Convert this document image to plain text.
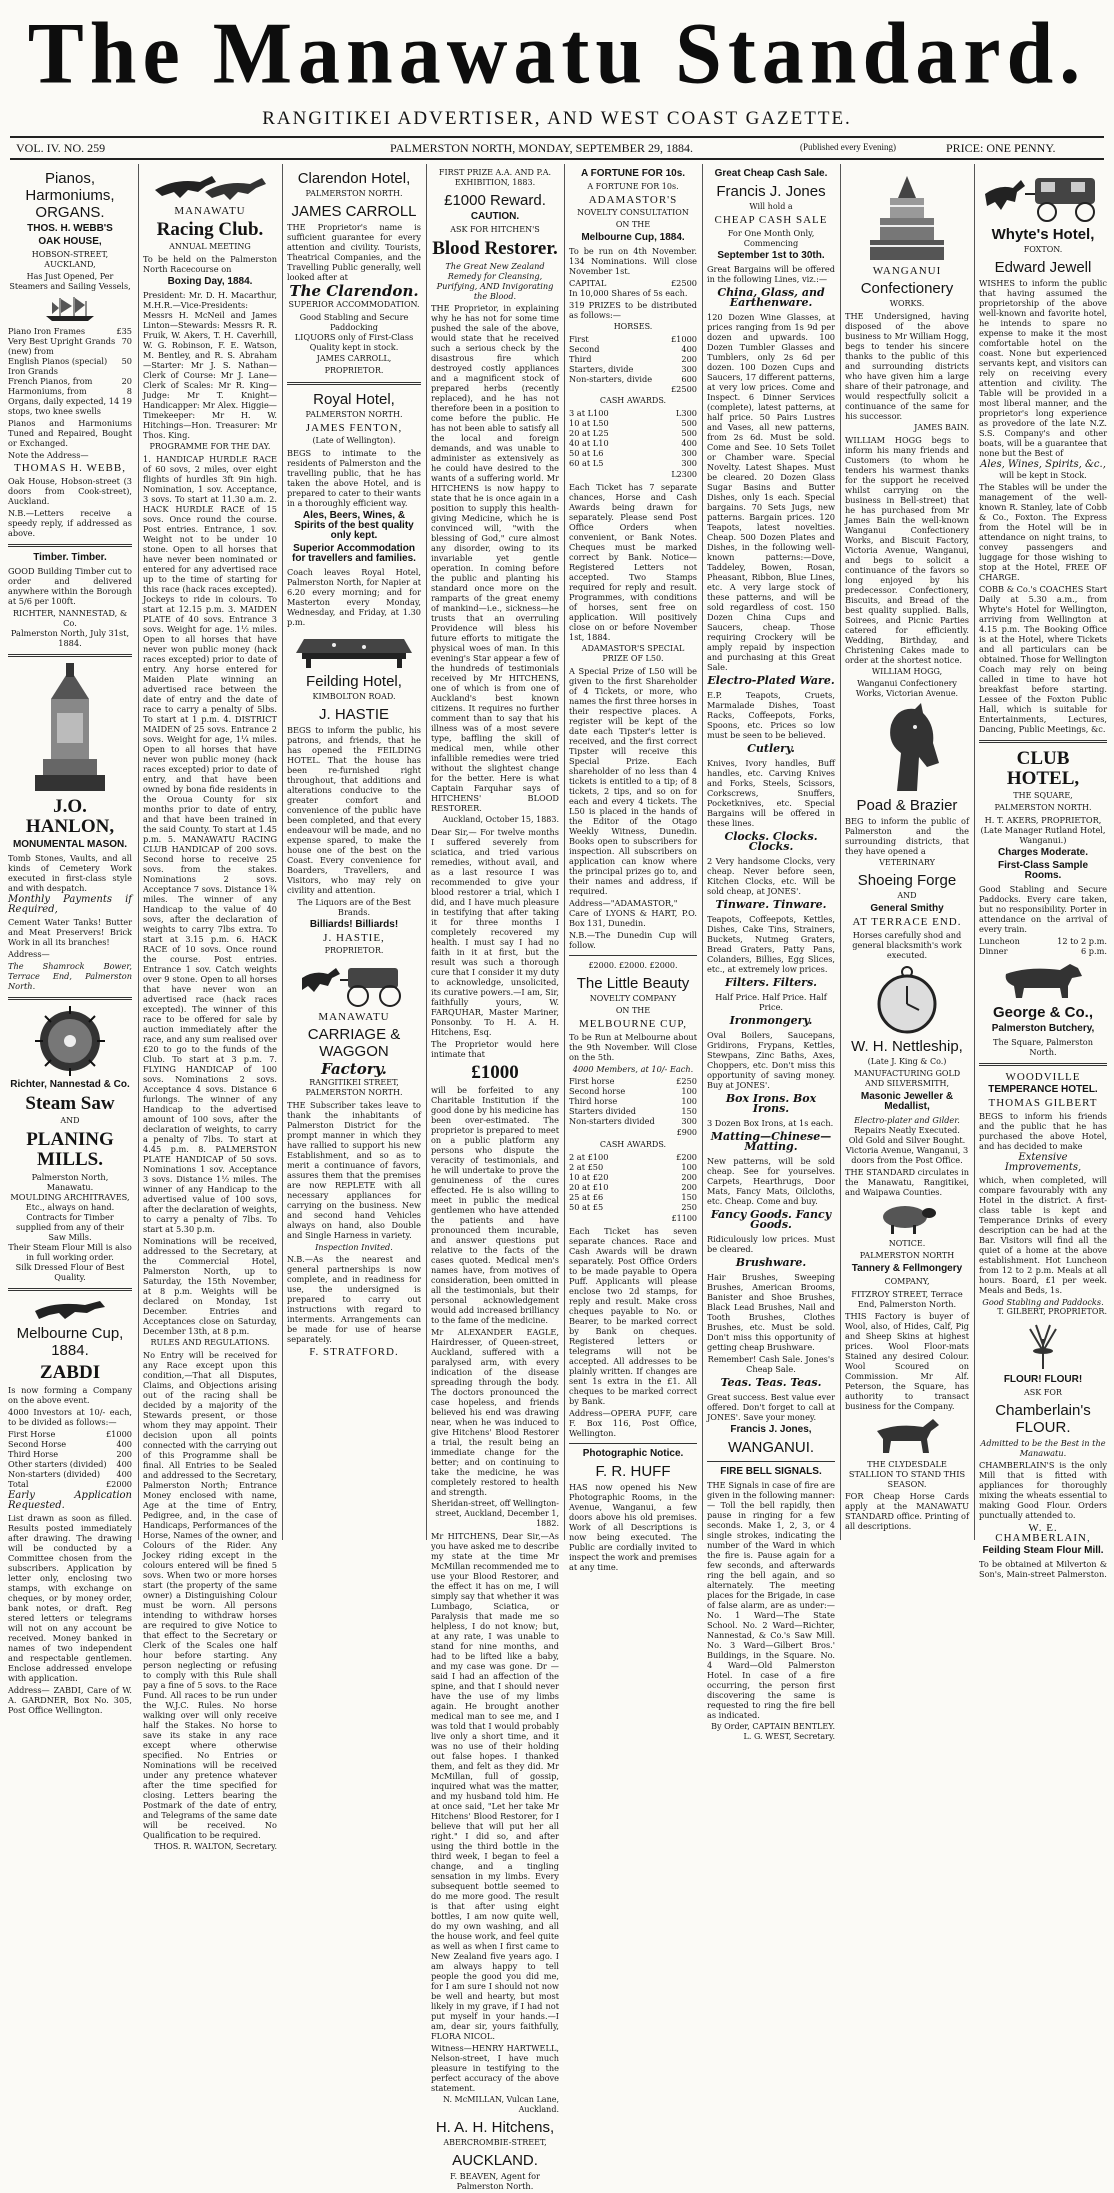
The Manawatu Standard.
RANGITIKEI ADVERTISER, AND WEST COAST GAZETTE.
VOL. IV. NO. 259	PALMERSTON NORTH, MONDAY, SEPTEMBER 29, 1884.	(Published every Evening)	PRICE: ONE PENNY.
Pianos, Harmoniums, ORGANS.
THOS. H. WEBB'S
OAK HOUSE,
HOBSON-STREET, AUCKLAND,
Has Just Opened, Per Steamers and Sailing Vessels,
Piano Iron Frames	£35
Very Best Upright Grands (new) from
70
English Pianos (special) Iron Grands
50
French Pianos, from	20
Harmoniums, from	8
Organs, daily expected, 14 stops, two knee swells
19
Pianos and Harmoniums Tuned and Repaired, Bought or Exchanged.
Note the Address—
THOMAS H. WEBB,
Oak House, Hobson-street (3 doors from Cook-street), Auckland.
N.B.—Letters receive a speedy reply, if addressed as above.
Timber. Timber.
GOOD Building Timber cut to order and delivered anywhere within the Borough at 5/6 per 100ft.
RICHTER, NANNESTAD, & Co.
Palmerston North, July 31st, 1884.
J.O. HANLON,
MONUMENTAL MASON.
Tomb Stones, Vaults, and all kinds of Cemetery Work executed in first-class style and with despatch.
Monthly Payments if Required,
Cement Water Tanks! Butter and Meat Preservers! Brick Work in all its branches!
Address—
The Shamrock Bower, Terrace End, Palmerston North.
Richter, Nannestad & Co.
Steam Saw
AND
PLANING MILLS.
Palmerston North, Manawatu.
MOULDING ARCHITRAVES, Etc., always on hand.
Contracts for Timber supplied from any of their Saw Mills.
Their Steam Flour Mill is also in full working order.
Silk Dressed Flour of Best Quality.
Melbourne Cup, 1884.
ZABDI
Is now forming a Company on the above event.
4000 Investors at 10/- each, to be divided as follows:—
First Horse	£1000
Second Horse	400
Third Horse	200
Other starters (divided) 400
Non-starters (divided) 400
Total	£2000
Early Application Requested.
List drawn as soon as filled. Results posted immediately after drawing. The drawing will be conducted by a Committee chosen from the subscribers. Application by letter only, enclosing two stamps, with exchange on cheques, or by money order, bank notes, or draft. Reg stered letters or telegrams will not on any account be received. Money banked in names of two independent and respectable gentlemen. Enclose addressed envelope with application.
Address— ZABDI, Care of W. A. GARDNER, Box No. 305, Post Office Wellington.
MANAWATU
Racing Club.
ANNUAL MEETING
To be held on the Palmerston North Racecourse on
Boxing Day, 1884.
President: Mr. D. H. Macarthur, M.H.R.—Vice-Presidents: Messrs H. McNeil and James Linton—Stewards: Messrs R. R. Fruik, W. Akers, T. H. Caverhill, W. G. Robinson, F. E. Watson, M. Bentley, and R. S. Abraham—Starter: Mr J. S. Nathan—Clerk of Course: Mr J. Lane—Clerk of Scales: Mr R. King—Judge: Mr T. Knight—Handicapper: Mr Alex. Higgie—Timekeeper: Mr H. W. Hitchings—Hon. Treasurer: Mr Thos. King.
PROGRAMME FOR THE DAY.
1. HANDICAP HURDLE RACE of 60 sovs, 2 miles, over eight flights of hurdles 3ft 9in high. Nomination, 1 sov. Acceptance, 3 sovs. To start at 11.30 a.m. 2. HACK HURDLE RACE of 15 sovs. Once round the course. Post entries. Entrance, 1 sov. Weight not to be under 10 stone. Open to all horses that have never been nominated or entered for any advertised race up to the time of starting for this race (hack races excepted). Jockeys to ride in colours. To start at 12.15 p.m. 3. MAIDEN PLATE of 40 sovs. Entrance 3 sovs. Weight for age. 1½ miles. Open to all horses that have never won public money (hack races excepted) prior to date of entry. Any horse entered for Maiden Plate winning an advertised race between the date of entry and the date of race to carry a penalty of 5lbs. To start at 1 p.m. 4. DISTRICT MAIDEN of 25 sovs. Entrance 2 sovs. Weight for age, 1¼ miles. Open to all horses that have never won public money (hack races excepted) prior to date of entry, and that have been owned by bona fide residents in the Oroua County for six months prior to date of entry, and that have been trained in the said County. To start at 1.45 p.m. 5. MANAWATU RACING CLUB HANDICAP of 200 sovs. Second horse to receive 25 sovs. from the stakes. Nominations 2 sovs. Acceptance 7 sovs. Distance 1¾ miles. The winner of any Handicap to the value of 40 sovs, after the declaration of weights to carry 7lbs extra. To start at 3.15 p.m. 6. HACK RACE of 10 sovs. Once round the course. Post entries. Entrance 1 sov. Catch weights over 9 stone. Open to all horses that have never won an advertised race (hack races excepted). The winner of this race to be offered for sale by auction immediately after the race, and any sum realised over £20 to go to the funds of the Club. To start at 3 p.m. 7. FLYING HANDICAP of 100 sovs. Nominations 2 sovs. Acceptance 4 sovs. Distance 6 furlongs. The winner of any Handicap to the advertised amount of 100 sovs, after the declaration of weights, to carry a penalty of 7lbs. To start at 4.45 p.m. 8. PALMERSTON PLATE HANDICAP of 50 sovs. Nominations 1 sov. Acceptance 3 sovs. Distance 1½ miles. The winner of any Handicap to the advertised value of 100 sovs, after the declaration of weights, to carry a penalty of 7lbs. To start at 5.30 p.m.
Nominations will be received, addressed to the Secretary, at the Commercial Hotel, Palmerston North, up to Saturday, the 15th November, at 8 p.m. Weights will be declared on Monday, 1st December. Entries and Acceptances close on Saturday, December 13th, at 8 p.m.
RULES AND REGULATIONS.
No Entry will be received for any Race except upon this condition,—That all Disputes, Claims, and Objections arising out of the racing shall be decided by a majority of the Stewards present, or those whom they may appoint. Their decision upon all points connected with the carrying out of this Programme shall be final. All Entries to be Sealed and addressed to the Secretary, Palmerston North; Entrance Money enclosed with name, Age at the time of Entry, Pedigree, and, in the case of Handicaps, Performances of the Horse, Names of the owner, and Colours of the Rider. Any Jockey riding except in the colours entered will be fined 5 sovs. When two or more horses start (the property of the same owner) a Distinguishing Colour must be worn. All persons intending to withdraw horses are required to give Notice to that effect to the Secretary or Clerk of the Scales one half hour before starting. Any person neglecting or refusing to comply with this Rule shall pay a fine of 5 sovs. to the Race Fund. All races to be run under the W.J.C. Rules. No horse walking over will only receive half the Stakes. No horse to save its stake in any race except where otherwise specified. No Entries or Nominations will be received under any pretence whatever after the time specified for closing. Letters bearing the Postmark of the date of entry, and Telegrams of the same date will be received. No Qualification to be required.
THOS. R. WALTON, Secretary.
Clarendon Hotel,
PALMERSTON NORTH.
JAMES CARROLL
THE Proprietor's name is sufficient guarantee for every attention and civility. Tourists, Theatrical Companies, and the Travelling Public generally, well looked after at
The Clarendon.
SUPERIOR ACCOMMODATION.
Good Stabling and Secure Paddocking
LIQUORS only of First-Class Quality kept in stock.
JAMES CARROLL,
PROPRIETOR.
Royal Hotel,
PALMERSTON NORTH.
JAMES FENTON,
(Late of Wellington).
BEGS to intimate to the residents of Palmerston and the travelling public, that he has taken the above Hotel, and is prepared to cater to their wants in a thoroughly efficient way.
Ales, Beers, Wines, & Spirits of the best quality only kept.
Superior Accommodation for travellers and families.
Coach leaves Royal Hotel, Palmerston North, for Napier at 6.20 every morning; and for Masterton every Monday, Wednesday, and Friday, at 1.30 p.m.
Feilding Hotel,
KIMBOLTON ROAD.
J. HASTIE
BEGS to inform the public, his patrons, and friends, that he has opened the FEILDING HOTEL. That the house has been re-furnished right throughout, that additions and alterations conducive to the greater comfort and convenience of the public have been completed, and that every endeavour will be made, and no expense spared, to make the house one of the best on the Coast. Every convenience for Boarders, Travellers, and Visitors, who may rely on civility and attention.
The Liquors are of the Best Brands.
Billiards! Billiards!
J. HASTIE,
PROPRIETOR.
MANAWATU
CARRIAGE & WAGGON
Factory.
RANGITIKEI STREET, PALMERSTON NORTH.
THE Subscriber takes leave to thank the inhabitants of Palmerston District for the prompt manner in which they have rallied to support his new Establishment, and so as to merit a continuance of favors, assures them that the premises are now REPLETE with all necessary appliances for carrying on the business. New and second hand Vehicles always on hand, also Double and Single Harness in variety.
Inspection Invited.
N.B.—As the nearest and general partnerships is now complete, and in readiness for use, the undersigned is prepared to carry out instructions with regard to interments. Arrangements can be made for use of hearse separately.
F. STRATFORD.
FIRST PRIZE A.A. AND P.A. EXHIBITION, 1883.
£1000 Reward.
CAUTION.
ASK FOR HITCHEN'S
Blood Restorer.
The Great New Zealand Remedy for Cleansing, Purifying, AND Invigorating the Blood.
THE Proprietor, in explaining why he has not for some time pushed the sale of the above, would state that he received such a serious check by the disastrous fire which destroyed costly appliances and a magnificent stock of prepared herbs (recently replaced), and he has not therefore been in a position to come before the public. He has not been able to satisfy all the local and foreign demands, and was unable to administer as extensively as he could have desired to the wants of a suffering world. Mr HITCHENS is now happy to state that he is once again in a position to supply this health-giving Medicine, which he is convinced will, "with the blessing of God," cure almost any disorder, owing to its invariable yet gentle operation. In coming before the public and planting his standard once more on the ramparts of the great enemy of mankind—i.e., sickness—he trusts that an overruling Providence will bless his future efforts to mitigate the physical woes of man. In this evening's Star appear a few of the hundreds of testimonials received by Mr HITCHENS, one of which is from one of Auckland's best known citizens. It requires no further comment than to say that his illness was of a most severe type, baffling the skill of medical men, while other infallible remedies were tried without the slightest change for the better. Here is what Captain Farquhar says of HITCHENS' BLOOD RESTORER.
Auckland, October 15, 1883.
Dear Sir,— For twelve months I suffered severely from sciatica, and tried various remedies, without avail, and as a last resource I was recommended to give your blood restorer a trial, which I did, and I have much pleasure in testifying that after taking it for three months I completely recovered my health. I must say I had no faith in it at first, but the result was such a thorough cure that I consider it my duty to acknowledge, unsolicited, its curative powers.—I am, Sir, faithfully yours, W. FARQUHAR, Master Mariner, Ponsonby. To H. A. H. Hitchens, Esq.
The Proprietor would here intimate that
£1000
will be forfeited to any Charitable Institution if the good done by his medicine has been over-estimated. The proprietor is prepared to meet on a public platform any persons who dispute the veracity of testimonials, and he will undertake to prove the genuineness of the cures effected. He is also willing to meet in public the medical gentlemen who have attended the patients and have pronounced them incurable, and answer questions put relative to the facts of the cases quoted. Medical men's names have, from motives of consideration, been omitted in all the testimonials, but their personal acknowledgement would add increased brilliancy to the fame of the medicine.
Mr ALEXANDER EAGLE, Hairdresser, of Queen-street, Auckland, suffered with a paralysed arm, with every indication of the disease spreading through the body. The doctors pronounced the case hopeless, and friends believed his end was drawing near, when he was induced to give Hitchens' Blood Restorer a trial, the result being an immediate change for the better; and on continuing to take the medicine, he was completely restored to health and strength.
Sheridan-street, off Wellington-street, Auckland, December 1, 1882.
Mr HITCHENS, Dear Sir,—As you have asked me to describe my state at the time Mr McMillan recommended me to use your Blood Restorer, and the effect it has on me, I will simply say that whether it was Lumbago, Sciatica, or Paralysis that made me so helpless, I do not know; but, at any rate, I was unable to stand for nine months, and had to be lifted like a baby, and my case was gone. Dr — said I had an affection of the spine, and that I should never have the use of my limbs again. He brought another medical man to see me, and I was told that I would probably live only a short time, and it was no use of their holding out false hopes. I thanked them, and felt as they did. Mr McMillan, full of gossip, inquired what was the matter, and my husband told him. He at once said, "Let her take Mr Hitchens' Blood Restorer, for I believe that will put her all right." I did so, and after using the third bottle in the third week, I began to feel a change, and a tingling sensation in my limbs. Every subsequent bottle seemed to do me more good. The result is that after using eight bottles, I am now quite well, do my own washing, and all the house work, and feel quite as well as when I first came to New Zealand five years ago. I am always happy to tell people the good you did me, for I am sure I should not now be well and hearty, but most likely in my grave, if I had not put myself in your hands.—I am, dear sir, yours faithfully, FLORA NICOL.
Witness—HENRY HARTWELL, Nelson-street, I have much pleasure in testifying to the perfect accuracy of the above statement.
N. McMILLAN, Vulcan Lane, Auckland.
H. A. H. Hitchens,
ABERCROMBIE-STREET,
AUCKLAND.
F. BEAVEN, Agent for Palmerston North.
A FORTUNE FOR 10s.
A FORTUNE FOR 10s.
ADAMASTOR'S
NOVELTY CONSULTATION
ON THE
Melbourne Cup, 1884.
To be run on 4th November. 134 Nominations. Will close November 1st.
CAPITAL	£2500
In 10,000 Shares of 5s each.
319 PRIZES to be distributed as follows:—
HORSES.
First	£1000
Second	400
Third	200
Starters, divide	300
Non-starters, divide	600
£2500
CASH AWARDS.
3 at L100	L300
10 at L50	500
20 at L25	500
40 at L10	400
50 at L6	300
60 at L5	300
L2300
Each Ticket has 7 separate chances, Horse and Cash Awards being drawn for separately. Please send Post Office Orders when convenient, or Bank Notes. Cheques must be marked correct by Bank. Notice—Registered Letters not accepted. Two Stamps required for reply and result. Programmes, with conditions of horses, sent free on application. Will positively close on or before November 1st, 1884.
ADAMASTOR'S SPECIAL PRIZE OF L50.
A Special Prize of L50 will be given to the first Shareholder of 4 Tickets, or more, who names the first three horses in their respective places. A register will be kept of the date each Tipster's letter is received, and the first correct Tipster will receive this Special Prize. Each shareholder of no less than 4 tickets is entitled to a tip; of 8 tickets, 2 tips, and so on for each and every 4 tickets. The L50 is placed in the hands of the Editor of the Otago Weekly Witness, Dunedin. Books open to subscribers for inspection. All subscribers on application can know where the principal prizes go to, and their names and address, if required.
Address—"ADAMASTOR," Care of LYONS & HART, P.O. Box 131, Dunedin.
N.B.—The Dunedin Cup will follow.
£2000. £2000. £2000.
The Little Beauty
NOVELTY COMPANY
ON THE
MELBOURNE CUP,
To be Run at Melbourne about the 9th November. Will Close on the 5th.
4000 Members, at 10/- Each.
First horse	£250
Second horse	100
Third horse	100
Starters divided	150
Non-starters divided	300
£900
CASH AWARDS.
2 at £100	£200
2 at £50	100
10 at £20	200
20 at £10	200
25 at £6	150
50 at £5	250
£1100
Each Ticket has seven separate chances. Race and Cash Awards will be drawn separately. Post Office Orders to be made payable to Opera Puff. Applicants will please enclose two 2d stamps, for reply and result. Make cross cheques payable to No. or Bearer, to be marked correct by Bank on cheques. Registered letters or telegrams will not be accepted. All addresses to be plainly written. If changes are sent 1s extra in the £1. All cheques to be marked correct by Bank.
Address—OPERA PUFF, care F. Box 116, Post Office, Wellington.
Photographic Notice.
F. R. HUFF
HAS now opened his New Photographic Rooms, in the Avenue, Wanganui, a few doors above his old premises. Work of all Descriptions is now being executed. The Public are cordially invited to inspect the work and premises at any time.
Great Cheap Cash Sale.
Francis J. Jones
Will hold a
CHEAP CASH SALE
For One Month Only, Commencing
September 1st to 30th.
Great Bargains will be offered in the following Lines, viz.:—
China, Glass, and Earthenware.
120 Dozen Wine Glasses, at prices ranging from 1s 9d per dozen and upwards. 100 Dozen Tumbler Glasses and Tumblers, only 2s 6d per dozen. 100 Dozen Cups and Saucers, 17 different patterns, at very low prices. Come and Inspect. 6 Dinner Services (complete), latest patterns, at half price. 50 Pairs Lustres and Vases, all new patterns, from 2s 6d. Must be sold. Come and See. 10 Sets Toilet or Chamber ware. Special Novelty. Latest Shapes. Must be cleared. 20 Dozen Glass Sugar Basins and Butter Dishes, only 1s each. Special bargains. 70 Sets Jugs, new patterns. Bargain prices. 120 Teapots, latest novelties. Cheap. 500 Dozen Plates and Dishes, in the following well-known patterns:—Dove, Taddeley, Bowen, Rosan, Pheasant, Ribbon, Blue Lines, etc. A very large stock of these patterns, and will be sold regardless of cost. 150 Dozen China Cups and Saucers, cheap. Those requiring Crockery will be amply repaid by inspection and purchasing at this Great Sale.
Electro-Plated Ware.
E.P. Teapots, Cruets, Marmalade Dishes, Toast Racks, Coffeepots, Forks, Spoons, etc. Prices so low must be seen to be believed.
Cutlery.
Knives, Ivory handles, Buff handles, etc. Carving Knives and Forks, Steels, Scissors, Corkscrews, Snuffers, Pocketknives, etc. Special Bargains will be offered in these lines.
Clocks. Clocks. Clocks.
2 Very handsome Clocks, very cheap. Never before seen, Kitchen Clocks, etc. Will be sold cheap, at JONES'.
Tinware. Tinware.
Teapots, Coffeepots, Kettles, Dishes, Cake Tins, Strainers, Buckets, Nutmeg Graters, Bread Graters, Patty Pans, Colanders, Billies, Egg Slices, etc., at extremely low prices.
Filters. Filters.
Half Price. Half Price. Half Price.
Ironmongery.
Oval Boilers, Saucepans, Gridirons, Frypans, Kettles, Stewpans, Zinc Baths, Axes, Choppers, etc. Don't miss this opportunity of saving money. Buy at JONES'.
Box Irons. Box Irons.
3 Dozen Box Irons, at 1s each.
Matting—Chinese—Matting.
New patterns, will be sold cheap. See for yourselves. Carpets, Hearthrugs, Door Mats, Fancy Mats, Oilcloths, etc. Cheap. Come and buy.
Fancy Goods. Fancy Goods.
Ridiculously low prices. Must be cleared.
Brushware.
Hair Brushes, Sweeping Brushes, American Brooms, Banister and Shoe Brushes, Black Lead Brushes, Nail and Tooth Brushes, Clothes Brushes, etc. Must be sold. Don't miss this opportunity of getting cheap Brushware.
Remember! Cash Sale. Jones's Cheap Sale.
Teas. Teas. Teas.
Great success. Best value ever offered. Don't forget to call at JONES'. Save your money.
Francis J. Jones,
WANGANUI.
FIRE BELL SIGNALS.
THE Signals in case of fire are given in the following manner:— Toll the bell rapidly, then pause in ringing for a few seconds. Make 1, 2, 3, or 4 single strokes, indicating the number of the Ward in which the fire is. Pause again for a few seconds, and afterwards ring the bell again, and so alternately. The meeting places for the Brigade, in case of false alarm, are as under:— No. 1 Ward—The State School. No. 2 Ward—Richter, Nannestad, & Co.'s Saw Mill. No. 3 Ward—Gilbert Bros.' Buildings, in the Square. No. 4 Ward—Old Palmerston Hotel. In case of a fire occurring, the person first discovering the same is requested to ring the fire bell as indicated.
By Order, CAPTAIN BENTLEY. L. G. WEST, Secretary.
WANGANUI
Confectionery
WORKS.
THE Undersigned, having disposed of the above business to Mr William Hogg, begs to tender his sincere thanks to the public of this and surrounding districts who have given him a large share of their patronage, and would respectfully solicit a continuance of the same for his successor.
JAMES BAIN.
WILLIAM HOGG begs to inform his many friends and Customers (to whom he tenders his warmest thanks for the support he received whilst carrying on the business in Bell-street) that he has purchased from Mr James Bain the well-known Wanganui Confectionery Works, and Biscuit Factory, Victoria Avenue, Wanganui, and begs to solicit a continuance of the favors so long enjoyed by his predecessor. Confectionery, Biscuits, and Bread of the best quality supplied. Balls, Soirees, and Picnic Parties catered for efficiently. Wedding, Birthday, and Christening Cakes made to order at the shortest notice.
WILLIAM HOGG,
Wanganui Confectionery Works, Victorian Avenue.
Poad & Brazier
BEG to inform the public of Palmerston and the surrounding districts, that they have opened a
VETERINARY
Shoeing Forge
AND
General Smithy
AT TERRACE END.
Horses carefully shod and general blacksmith's work executed.
W. H. Nettleship,
(Late J. King & Co.)
MANUFACTURING GOLD AND SILVERSMITH,
Masonic Jeweller & Medallist,
Electro-plater and Gilder.
Repairs Neatly Executed.
Old Gold and Silver Bought.
Victoria Avenue, Wanganui, 3 doors from the Post Office.
THE STANDARD circulates in the Manawatu, Rangitikei, and Waipawa Counties.
NOTICE.
PALMERSTON NORTH
Tannery & Fellmongery
COMPANY,
FITZROY STREET, Terrace End, Palmerston North.
THIS Factory is buyer of Wool, also, of Hides, Calf, Pig and Sheep Skins at highest prices. Wool Floor-mats Stained any desired Colour. Wool Scoured on Commission. Mr Alf. Peterson, the Square, has authority to transact business for the Company.
THE CLYDESDALE STALLION TO STAND THIS SEASON.
FOR Cheap Horse Cards apply at the MANAWATU STANDARD office. Printing of all descriptions.
Whyte's Hotel,
FOXTON.
Edward Jewell
WISHES to inform the public that having assumed the proprietorship of the above well-known and favorite hotel, he intends to spare no expense to make it the most comfortable hotel on the coast. None but experienced servants kept, and visitors can rely on receiving every attention and civility. The Table will be provided in a most liberal manner, and the proprietor's long experience as provedore of the late N.Z. S.S. Company's and other boats, will be a guarantee that none but the Best of
Ales, Wines, Spirits, &c.,
will be kept in Stock.
The Stables will be under the management of the well-known R. Stanley, late of Cobb & Co., Foxton. The Express from the Hotel will be in attendance on night trains, to convey passengers and luggage for those wishing to stop at the Hotel, FREE OF CHARGE.
COBB & Co.'s COACHES Start Daily at 5.30 a.m., from Whyte's Hotel for Wellington, arriving from Wellington at 4.15 p.m. The Booking Office is at the Hotel, where Tickets and all particulars can be obtained. Those for Wellington Coach may rely on being called in time to have hot breakfast before starting. Lessee of the Foxton Public Hall, which is suitable for Entertainments, Lectures, Dancing, Public Meetings, &c.
CLUB HOTEL,
THE SQUARE,
PALMERSTON NORTH.
H. T. AKERS, PROPRIETOR,
(Late Manager Rutland Hotel, Wanganui.)
Charges Moderate.
First-Class Sample Rooms.
Good Stabling and Secure Paddocks. Every care taken, but no responsibility. Porter in attendance on the arrival of every train.
Luncheon	12 to 2 p.m.
Dinner	6 p.m.
George & Co.,
Palmerston Butchery,
The Square, Palmerston North.
WOODVILLE
TEMPERANCE HOTEL.
THOMAS GILBERT
BEGS to inform his friends and the public that he has purchased the above Hotel, and has decided to make
Extensive Improvements,
which, when completed, will compare favourably with any Hotel in the district. A first-class table is kept and Temperance Drinks of every description can be had at the Bar. Visitors will find all the quiet of a home at the above establishment. Hot Luncheon from 12 to 2 p.m. Meals at all hours. Board, £1 per week. Meals and Beds, 1s.
Good Stabling and Paddocks.
T. GILBERT, PROPRIETOR.
FLOUR! FLOUR!
ASK FOR
Chamberlain's FLOUR.
Admitted to be the Best in the Manawatu.
CHAMBERLAIN'S is the only Mill that is fitted with appliances for thoroughly mixing the wheats essential to making Good Flour. Orders punctually attended to.
W. E. CHAMBERLAIN,
Feilding Steam Flour Mill.
To be obtained at Milverton & Son's, Main-street Palmerston.
